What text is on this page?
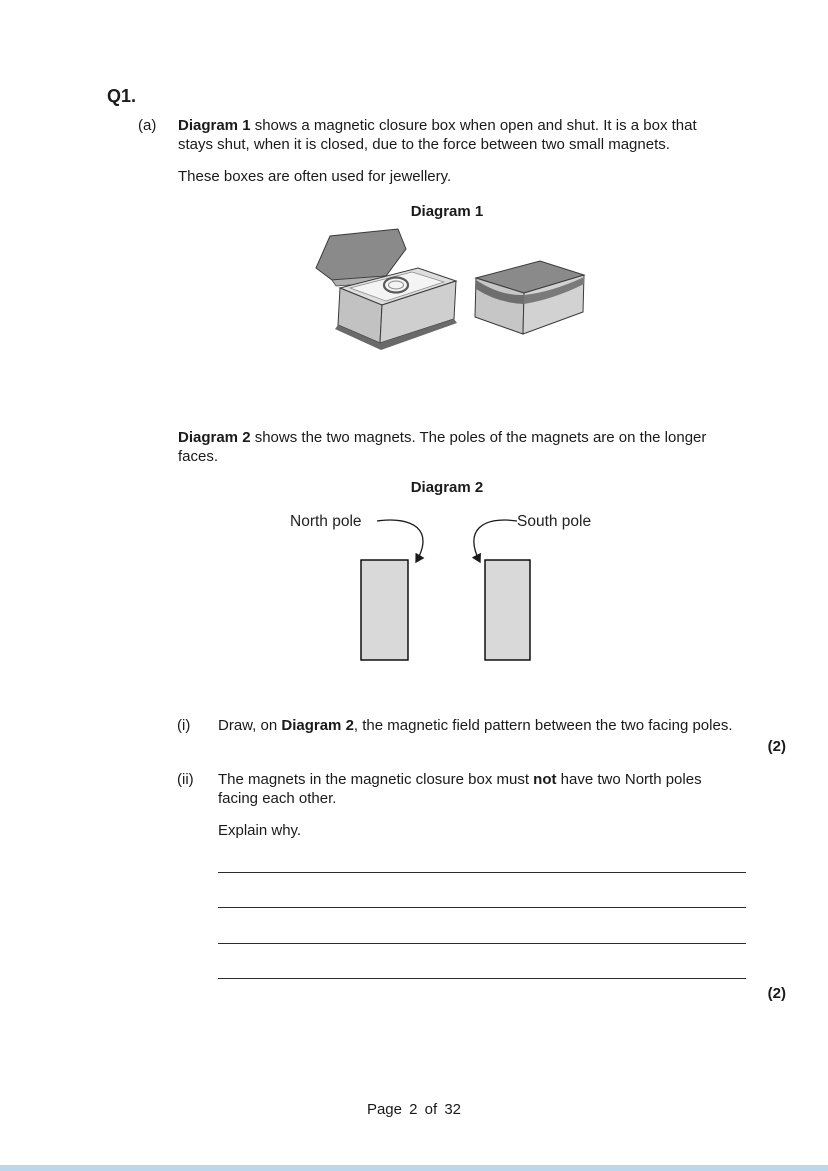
Q1.
(a) Diagram 1 shows a magnetic closure box when open and shut. It is a box that stays shut, when it is closed, due to the force between two small magnets.
These boxes are often used for jewellery.
Diagram 1
Diagram 2 shows the two magnets. The poles of the magnets are on the longer faces.
Diagram 2
North pole	South pole
(i) Draw, on Diagram 2, the magnetic field pattern between the two facing poles.
(2)
(ii) The magnets in the magnetic closure box must not have two North poles facing each other.
Explain why.
(2)
Page 2 of 32
